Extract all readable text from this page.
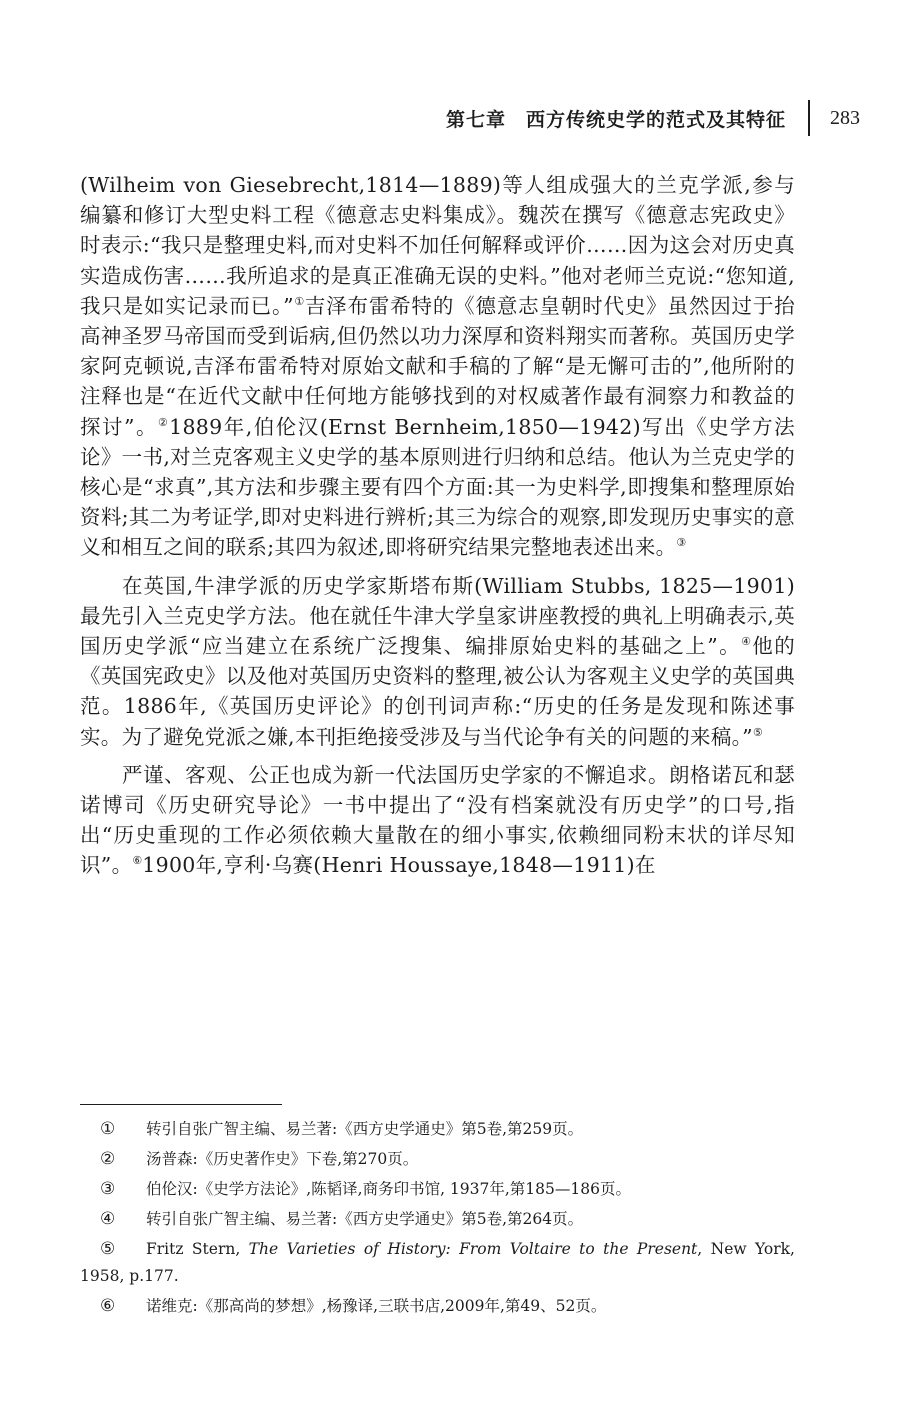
第七章　西方传统史学的范式及其特征 283

(Wilheim von Giesebrecht,1814—1889)等人组成强大的兰克学派,参与编纂和修订大型史料工程《德意志史料集成》。魏茨在撰写《德意志宪政史》时表示:“我只是整理史料,而对史料不加任何解释或评价……因为这会对历史真实造成伤害……我所追求的是真正准确无误的史料。”他对老师兰克说:“您知道,我只是如实记录而已。”①吉泽布雷希特的《德意志皇朝时代史》虽然因过于抬高神圣罗马帝国而受到诟病,但仍然以功力深厚和资料翔实而著称。英国历史学家阿克顿说,吉泽布雷希特对原始文献和手稿的了解“是无懈可击的”,他所附的注释也是“在近代文献中任何地方能够找到的对权威著作最有洞察力和教益的探讨”。②1889年,伯伦汉(Ernst Bernheim,1850—1942)写出《史学方法论》一书,对兰克客观主义史学的基本原则进行归纳和总结。他认为兰克史学的核心是“求真”,其方法和步骤主要有四个方面:其一为史料学,即搜集和整理原始资料;其二为考证学,即对史料进行辨析;其三为综合的观察,即发现历史事实的意义和相互之间的联系;其四为叙述,即将研究结果完整地表述出来。③

在英国,牛津学派的历史学家斯塔布斯(William Stubbs, 1825—1901)最先引入兰克史学方法。他在就任牛津大学皇家讲座教授的典礼上明确表示,英国历史学派“应当建立在系统广泛搜集、编排原始史料的基础之上”。④他的《英国宪政史》以及他对英国历史资料的整理,被公认为客观主义史学的英国典范。1886年,《英国历史评论》的创刊词声称:“历史的任务是发现和陈述事实。为了避免党派之嫌,本刊拒绝接受涉及与当代论争有关的问题的来稿。”⑤

严谨、客观、公正也成为新一代法国历史学家的不懈追求。朗格诺瓦和瑟诺博司《历史研究导论》一书中提出了“没有档案就没有历史学”的口号,指出“历史重现的工作必须依赖大量散在的细小事实,依赖细同粉末状的详尽知识”。⑥1900年,亨利·乌赛(Henri Houssaye,1848—1911)在

① 转引自张广智主编、易兰著:《西方史学通史》第5卷,第259页。

② 汤普森:《历史著作史》下卷,第270页。

③ 伯伦汉:《史学方法论》,陈韬译,商务印书馆, 1937年,第185—186页。

④ 转引自张广智主编、易兰著:《西方史学通史》第5卷,第264页。

⑤ Fritz Stern, The Varieties of History: From Voltaire to the Present, New York, 1958, p.177.

⑥ 诺维克:《那高尚的梦想》,杨豫译,三联书店,2009年,第49、52页。
